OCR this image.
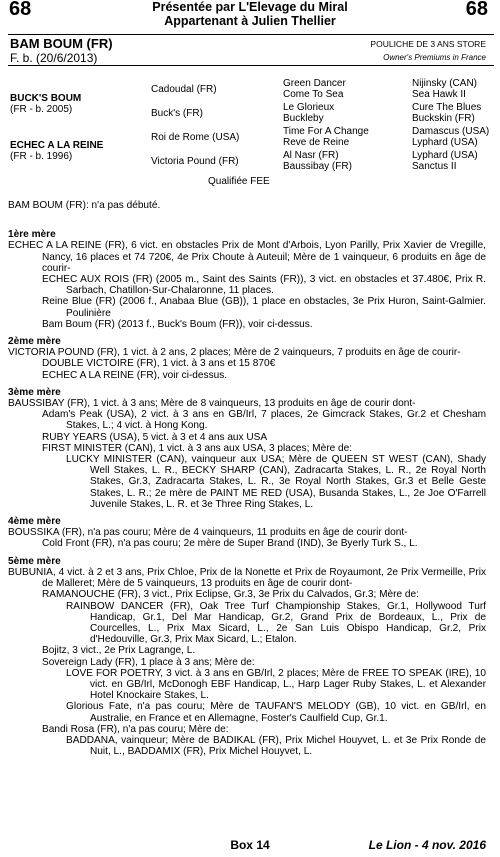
68	Présentée par L'Elevage du Miral
Appartenant à Julien Thellier
68
BAM BOUM (FR)
F. b. (20/6/2013)
POULICHE DE 3 ANS STORE
Owner's Premiums in France
BUCK'S BOUM
(FR - b. 2005)
ECHEC A LA REINE
(FR - b. 1996)
Cadoudal (FR)
Buck's (FR)
Roi de Rome (USA)
Victoria Pound (FR)
Green Dancer
Come To Sea
Le Glorieux
Buckleby
Time For A Change
Reve de Reine
Al Nasr (FR)
Baussibay (FR)
Nijinsky (CAN)
Sea Hawk II
Cure The Blues
Buckskin (FR)
Damascus (USA)
Lyphard (USA)
Lyphard (USA)
Sanctus II
Qualifiée FEE

BAM BOUM (FR): n'a pas débuté.

1ère mère

ECHEC A LA REINE (FR), 6 vict. en obstacles Prix de Mont d'Arbois, Lyon Parilly, Prix Xavier de Vregille, Nancy, 16 places et 74 720€, 4e Prix Choute à Auteuil; Mère de 1 vainqueur, 6 produits en âge de courir-

ECHEC AUX ROIS (FR) (2005 m., Saint des Saints (FR)), 3 vict. en obstacles et 37.480€, Prix R. Sarbach, Chatillon-Sur-Chalaronne, 11 places.

Reine Blue (FR) (2006 f., Anabaa Blue (GB)), 1 place en obstacles, 3e Prix Huron, Saint-Galmier. Poulinière

Bam Boum (FR) (2013 f., Buck's Boum (FR)), voir ci-dessus.

2ème mère

VICTORIA POUND (FR), 1 vict. à 2 ans, 2 places; Mère de 2 vainqueurs, 7 produits en âge de courir-

DOUBLE VICTOIRE (FR), 1 vict. à 3 ans et 15 870€

ECHEC A LA REINE (FR), voir ci-dessus.

3ème mère

BAUSSIBAY (FR), 1 vict. à 3 ans; Mère de 8 vainqueurs, 13 produits en âge de courir dont-

Adam's Peak (USA), 2 vict. à 3 ans en GB/Irl, 7 places, 2e Gimcrack Stakes, Gr.2 et Chesham Stakes, L.; 4 vict. à Hong Kong.

RUBY YEARS (USA), 5 vict. à 3 et 4 ans aux USA

FIRST MINISTER (CAN), 1 vict. à 3 ans aux USA, 3 places; Mère de:

LUCKY MINISTER (CAN), vainqueur aux USA; Mère de QUEEN ST WEST (CAN), Shady Well Stakes, L. R., BECKY SHARP (CAN), Zadracarta Stakes, L. R., 2e Royal North Stakes, Gr.3, Zadracarta Stakes, L. R., 3e Royal North Stakes, Gr.3 et Belle Geste Stakes, L. R.; 2e mère de PAINT ME RED (USA), Busanda Stakes, L., 2e Joe O'Farrell Juvenile Stakes, L. R. et 3e Three Ring Stakes, L.

4ème mère

BOUSSIKA (FR), n'a pas couru; Mère de 4 vainqueurs, 11 produits en âge de courir dont-

Cold Front (FR), n'a pas couru; 2e mère de Super Brand (IND), 3e Byerly Turk S., L.

5ème mère

BUBUNIA, 4 vict. à 2 et 3 ans, Prix Chloe, Prix de la Nonette et Prix de Royaumont, 2e Prix Vermeille, Prix de Malleret; Mère de 5 vainqueurs, 13 produits en âge de courir dont-

RAMANOUCHE (FR), 3 vict., Prix Eclipse, Gr.3, 3e Prix du Calvados, Gr.3; Mère de:

RAINBOW DANCER (FR), Oak Tree Turf Championship Stakes, Gr.1, Hollywood Turf Handicap, Gr.1, Del Mar Handicap, Gr.2, Grand Prix de Bordeaux, L., Prix de Courcelles, L., Prix Max Sicard, L., 2e San Luis Obispo Handicap, Gr.2, Prix d'Hedouville, Gr.3, Prix Max Sicard, L.; Etalon.

Bojitz, 3 vict., 2e Prix Lagrange, L.

Sovereign Lady (FR), 1 place à 3 ans; Mère de:

LOVE FOR POETRY, 3 vict. à 3 ans en GB/Irl, 2 places; Mère de FREE TO SPEAK (IRE), 10 vict. en GB/Irl, McDonogh EBF Handicap, L., Harp Lager Ruby Stakes, L. et Alexander Hotel Knockaire Stakes, L.

Glorious Fate, n'a pas couru; Mère de TAUFAN'S MELODY (GB), 10 vict. en GB/Irl, en Australie, en France et en Allemagne, Foster's Caulfield Cup, Gr.1.

Bandi Rosa (FR), n'a pas couru; Mère de:

BADDANA, vainqueur; Mère de BADIKAL (FR), Prix Michel Houyvet, L. et 3e Prix Ronde de Nuit, L., BADDAMIX (FR), Prix Michel Houyvet, L.

Box 14	Le Lion - 4 nov. 2016
